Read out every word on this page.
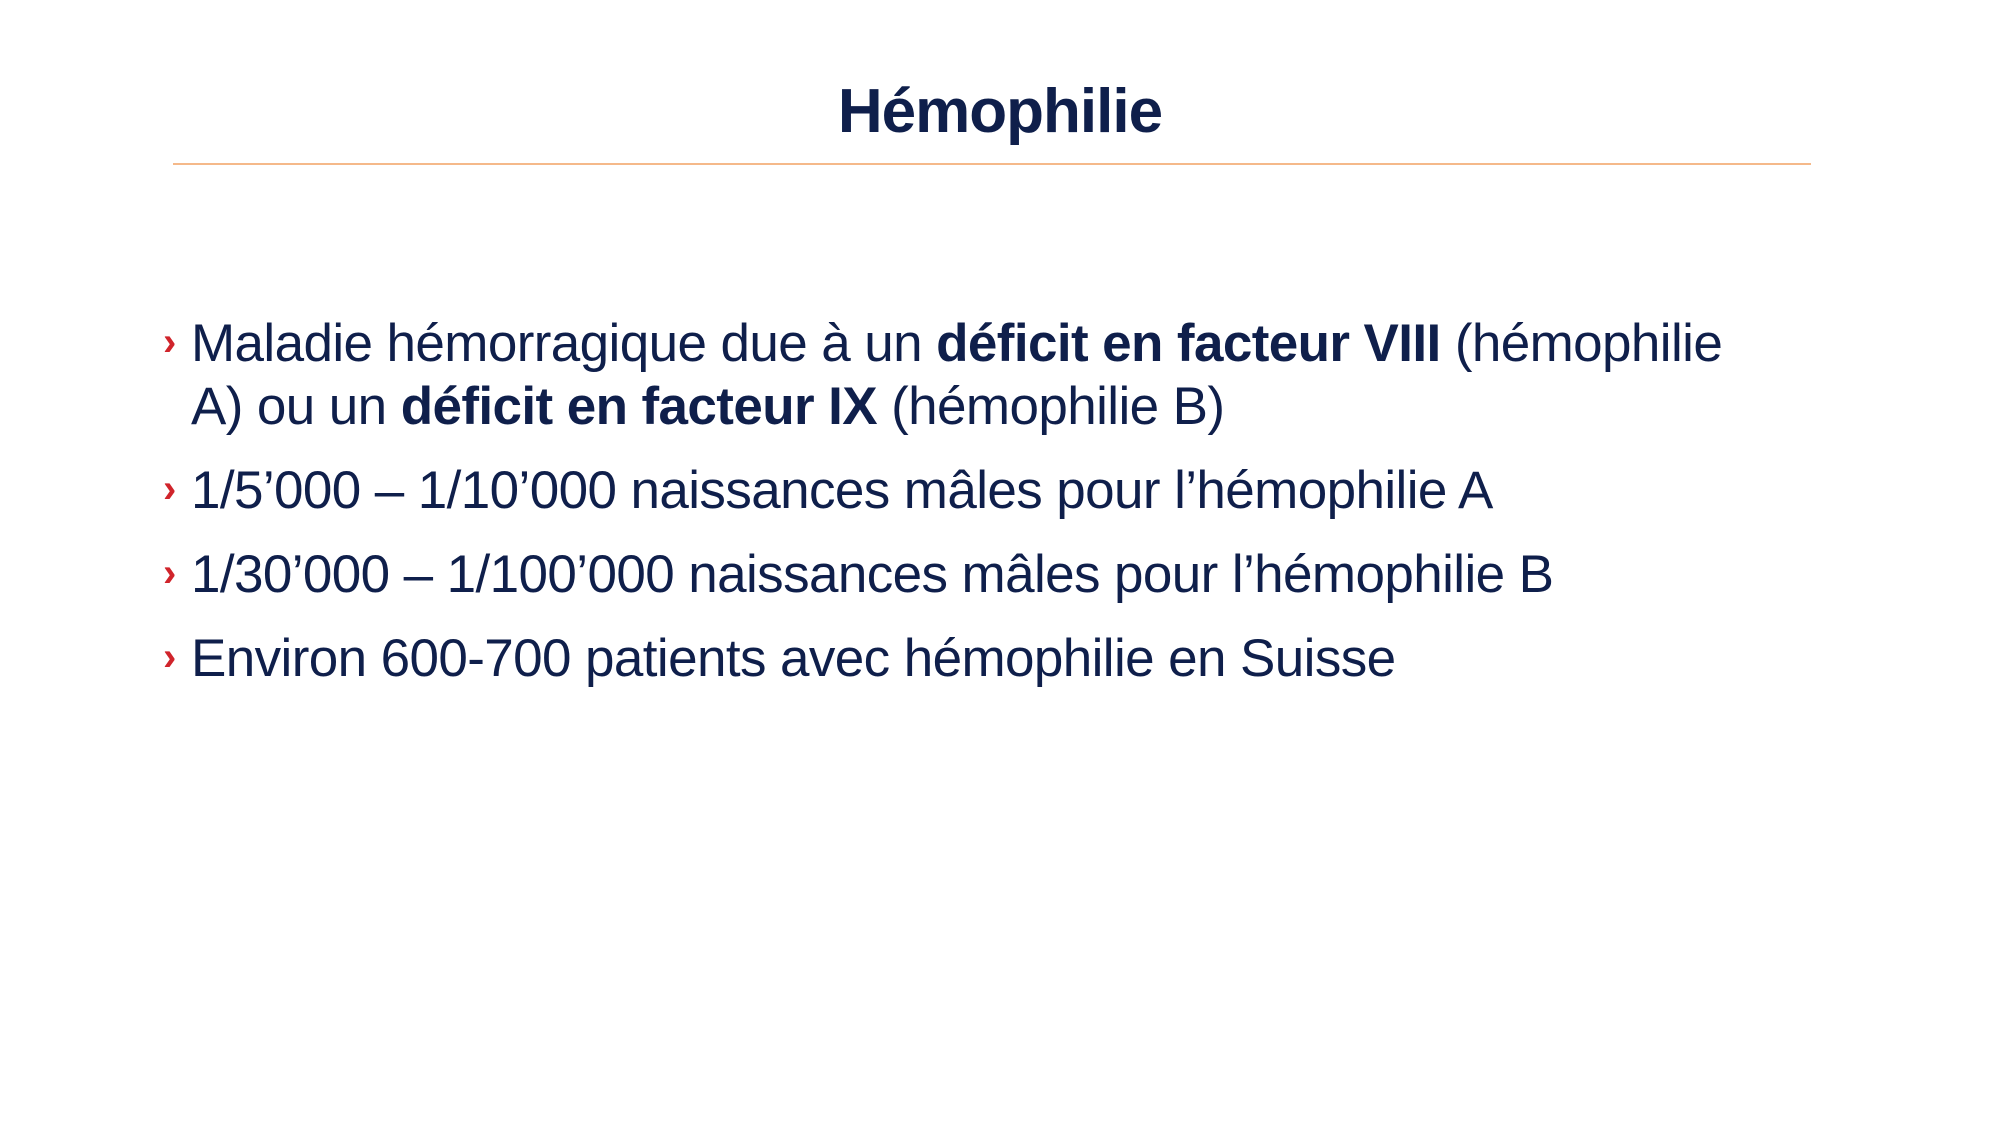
Hémophilie
› Maladie hémorragique due à un déficit en facteur VIII (hémophilie
A) ou un déficit en facteur IX (hémophilie B)
› 1/5’000 – 1/10’000 naissances mâles pour l’hémophilie A
› 1/30’000 – 1/100’000 naissances mâles pour l’hémophilie B
› Environ 600-700 patients avec hémophilie en Suisse
